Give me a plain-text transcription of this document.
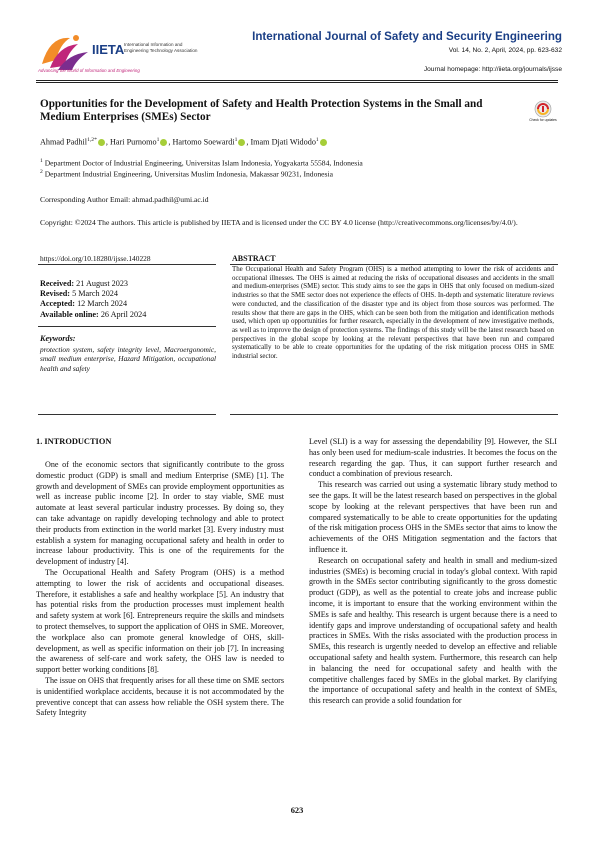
IIETA International Information and
Engineering Technology Association
Advancing the World of Information and Engineering
International Journal of Safety and Security Engineering
Vol. 14, No. 2, April, 2024, pp. 623-632
Journal homepage: http://iieta.org/journals/ijsse
Opportunities for the Development of Safety and Health Protection Systems in the Small and Medium Enterprises (SMEs) Sector	Check for updates
Ahmad Padhil$^{1,2*}$ , Hari Purnomo$^1$ , Hartomo Soewardi$^1$ , Imam Djati Widodo$^1$
$^1$ Department Doctor of Industrial Engineering, Universitas Islam Indonesia, Yogyakarta 55584, Indonesia
$^2$ Department Industrial Engineering, Universitas Muslim Indonesia, Makassar 90231, Indonesia
Corresponding Author Email: ahmad.padhil@umi.ac.id
Copyright: ©2024 The authors. This article is published by IIETA and is licensed under the CC BY 4.0 license (http://creativecommons.org/licenses/by/4.0/).
https://doi.org/10.18280/ijsse.140228	ABSTRACT
Received: 21 August 2023
Revised: 5 March 2024
Accepted: 12 March 2024
Available online: 26 April 2024
Keywords:
protection system, safety integrity level, Macroergonomic, small medium enterprise, Hazard Mitigation, occupational health and safety
The Occupational Health and Safety Program (OHS) is a method attempting to lower the risk of accidents and occupational illnesses. The OHS is aimed at reducing the risks of occupational diseases and accidents in the small and medium-enterprises (SME) sector. This study aims to see the gaps in OHS that only focused on medium-sized industries so that the SME sector does not experience the effects of OHS. In-depth and systematic literature reviews were conducted, and the classification of the disaster type and its object from those sources was performed. The results show that there are gaps in the OHS, which can be seen both from the mitigation and identification methods used, which open up opportunities for further research, especially in the development of new investigative methods, as well as to improve the design of protection systems. The findings of this study will be the latest research based on perspectives in the global scope by looking at the relevant perspectives that have been run and compared systematically to be able to create opportunities for the updating of the risk mitigation process OHS in SME industrial sector.
1. INTRODUCTION

One of the economic sectors that significantly contribute to the gross domestic product (GDP) is small and medium Enterprise (SME) [1]. The growth and development of SMEs can provide employment opportunities as well as increase public income [2]. In order to stay viable, SME must automate at least several particular industry processes. By doing so, they can take advantage on rapidly developing technology and able to protect their products from extinction in the world market [3]. Every industry must establish a system for managing occupational safety and health in order to increase labour productivity. This is one of the requirements for the development of industry [4].

The Occupational Health and Safety Program (OHS) is a method attempting to lower the risk of accidents and occupational diseases. Therefore, it establishes a safe and healthy workplace [5]. An industry that has potential risks from the production processes must implement health and safety system at work [6]. Entrepreneurs require the skills and mindsets to protect themselves, to support the application of OHS in SME. Moreover, the workplace also can promote general knowledge of OHS, skill-development, as well as specific information on their job [7]. In increasing the awareness of self-care and work safety, the OHS law is needed to support better working conditions [8].

The issue on OHS that frequently arises for all these time on SME sectors is unidentified workplace accidents, because it is not accommodated by the preventive concept that can assess how reliable the OSH system there. The Safety Integrity

Level (SLI) is a way for assessing the dependability [9]. However, the SLI has only been used for medium-scale industries. It becomes the focus on the research regarding the gap. Thus, it can support further research and conduct a combination of previous research.

This research was carried out using a systematic library study method to see the gaps. It will be the latest research based on perspectives in the global scope by looking at the relevant perspectives that have been run and compared systematically to be able to create opportunities for the updating of the risk mitigation process OHS in the SMEs sector that aims to know the achievements of the OHS Mitigation segmentation and the factors that influence it.

Research on occupational safety and health in small and medium-sized industries (SMEs) is becoming crucial in today's global context. With rapid growth in the SMEs sector contributing significantly to the gross domestic product (GDP), as well as the potential to create jobs and increase public income, it is important to ensure that the working environment within the SMEs is safe and healthy. This research is urgent because there is a need to identify gaps and improve understanding of occupational safety and health practices in SMEs. With the risks associated with the production process in SMEs, this research is urgently needed to develop an effective and reliable occupational safety and health system. Furthermore, this research can help in balancing the need for occupational safety and health with the competitive challenges faced by SMEs in the global market. By clarifying the importance of occupational safety and health in the context of SMEs, this research can provide a solid foundation for

623
